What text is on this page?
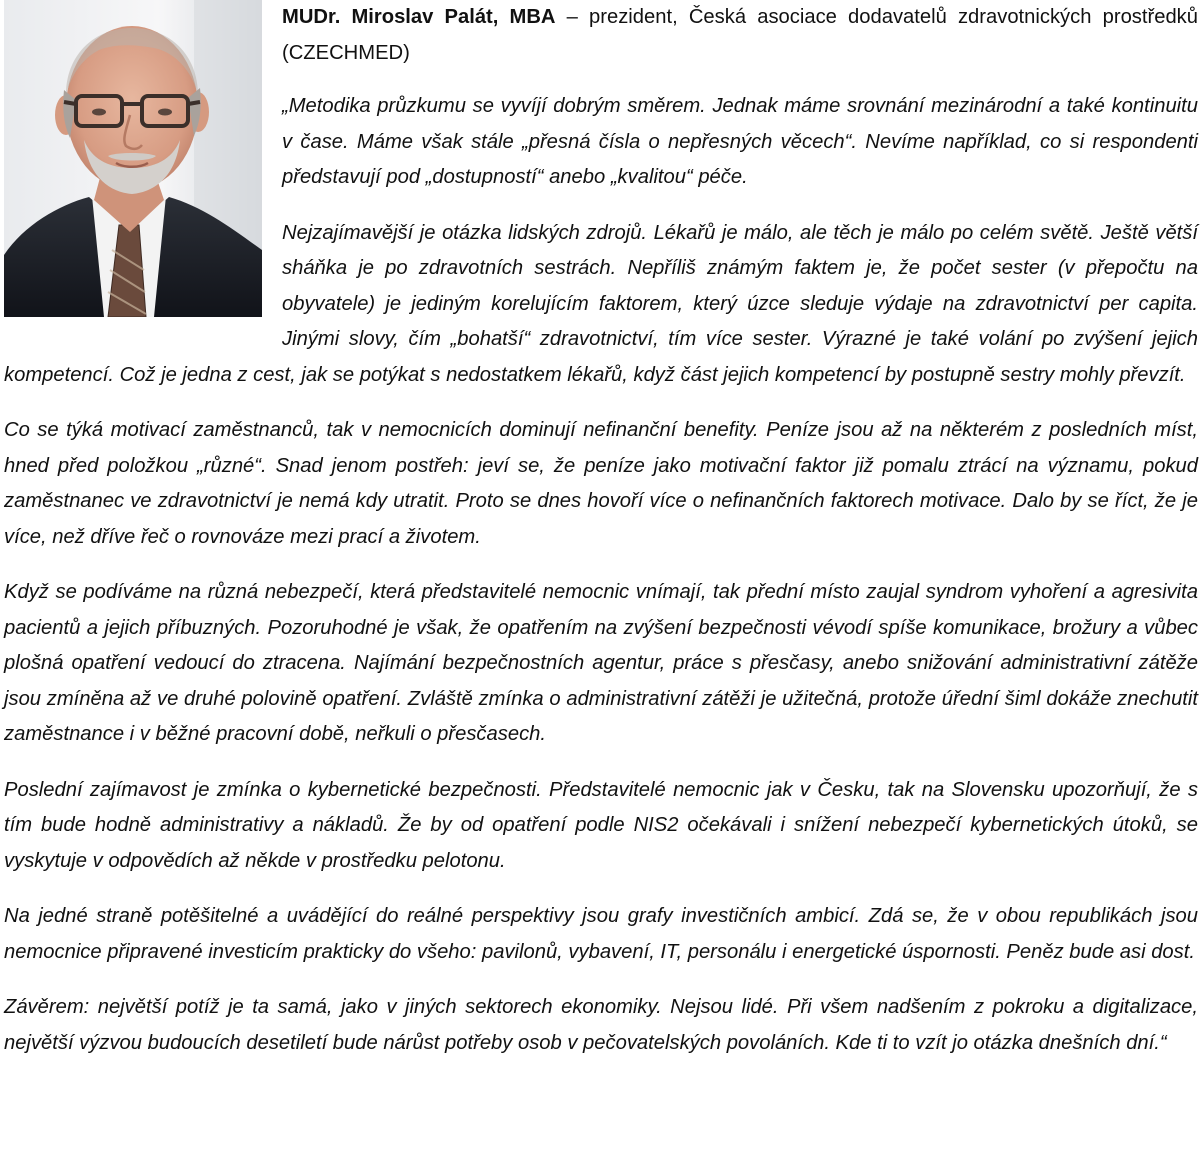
MUDr. Miroslav Palát, MBA – prezident, Česká asociace dodavatelů zdravotnických prostředků (CZECHMED)

„Metodika průzkumu se vyvíjí dobrým směrem. Jednak máme srovnání mezinárodní a také kontinuitu v čase. Máme však stále „přesná čísla o nepřesných věcech“. Nevíme například, co si respondenti představují pod „dostupností“ anebo „kvalitou“ péče.

Nejzajímavější je otázka lidských zdrojů. Lékařů je málo, ale těch je málo po celém světě. Ještě větší sháňka je po zdravotních sestrách. Nepříliš známým faktem je, že počet sester (v přepočtu na obyvatele) je jediným korelujícím faktorem, který úzce sleduje výdaje na zdravotnictví per capita. Jinými slovy, čím „bohatší“ zdravotnictví, tím více sester. Výrazné je také volání po zvýšení jejich kompetencí. Což je jedna z cest, jak se potýkat s nedostatkem lékařů, když část jejich kompetencí by postupně sestry mohly převzít.

Co se týká motivací zaměstnanců, tak v nemocnicích dominují nefinanční benefity. Peníze jsou až na některém z posledních míst, hned před položkou „různé“. Snad jenom postřeh: jeví se, že peníze jako motivační faktor již pomalu ztrácí na významu, pokud zaměstnanec ve zdravotnictví je nemá kdy utratit. Proto se dnes hovoří více o nefinančních faktorech motivace. Dalo by se říct, že je více, než dříve řeč o rovnováze mezi prací a životem.

Když se podíváme na různá nebezpečí, která představitelé nemocnic vnímají, tak přední místo zaujal syndrom vyhoření a agresivita pacientů a jejich příbuzných. Pozoruhodné je však, že opatřením na zvýšení bezpečnosti vévodí spíše komunikace, brožury a vůbec plošná opatření vedoucí do ztracena. Najímání bezpečnostních agentur, práce s přesčasy, anebo snižování administrativní zátěže jsou zmíněna až ve druhé polovině opatření. Zvláště zmínka o administrativní zátěži je užitečná, protože úřední šiml dokáže znechutit zaměstnance i v běžné pracovní době, neřkuli o přesčasech.

Poslední zajímavost je zmínka o kybernetické bezpečnosti. Představitelé nemocnic jak v Česku, tak na Slovensku upozorňují, že s tím bude hodně administrativy a nákladů. Že by od opatření podle NIS2 očekávali i snížení nebezpečí kybernetických útoků, se vyskytuje v odpovědích až někde v prostředku pelotonu.

Na jedné straně potěšitelné a uvádějící do reálné perspektivy jsou grafy investičních ambicí. Zdá se, že v obou republikách jsou nemocnice připravené investicím prakticky do všeho: pavilonů, vybavení, IT, personálu i energetické úspornosti. Peněz bude asi dost.

Závěrem: největší potíž je ta samá, jako v jiných sektorech ekonomiky. Nejsou lidé. Při všem nadšením z pokroku a digitalizace, největší výzvou budoucích desetiletí bude nárůst potřeby osob v pečovatelských povoláních. Kde ti to vzít jo otázka dnešních dní.“
